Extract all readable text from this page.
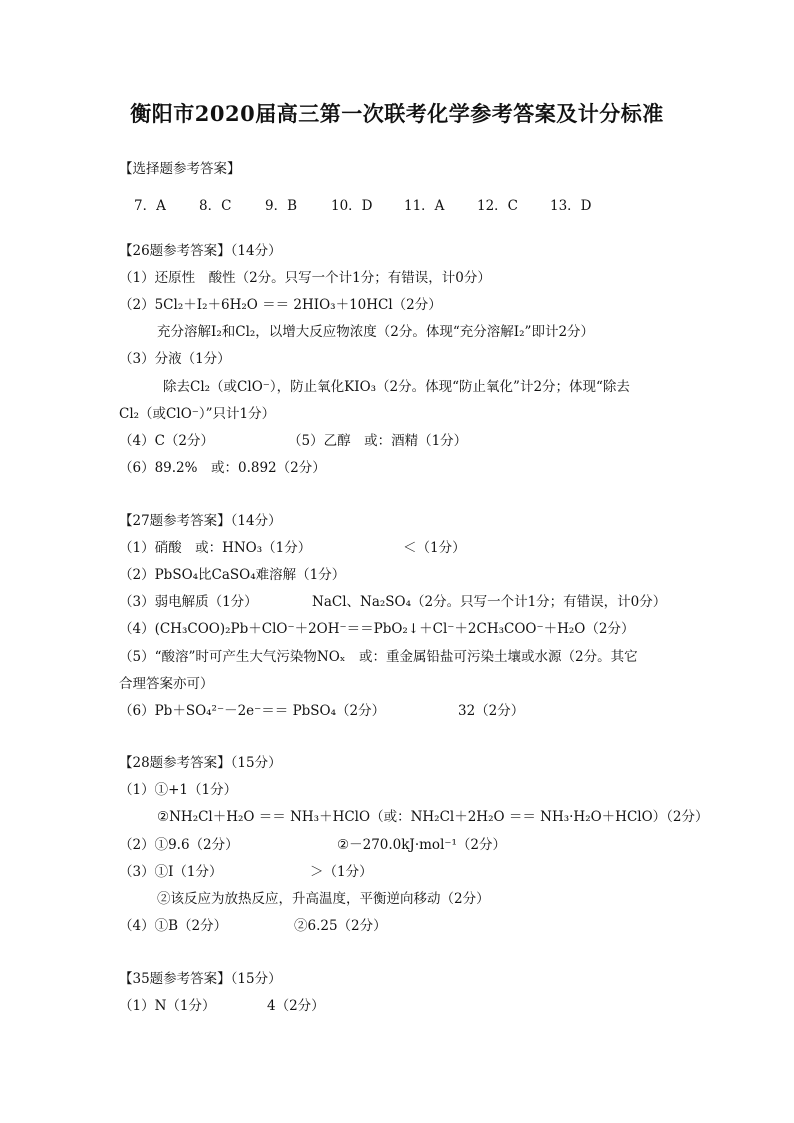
衡阳市2020届高三第一次联考化学参考答案及计分标准
【选择题参考答案】
7．A 8．C 9．B	10．D 11．A 12．C 13．D
【26题参考答案】（14分）
（1）还原性　酸性（2分。只写一个计1分；有错误，计0分）
（2）5Cl₂＋I₂＋6H₂O ＝＝ 2HIO₃＋10HCl（2分）
充分溶解I₂和Cl₂，以增大反应物浓度（2分。体现“充分溶解I₂”即计2分）
（3）分液（1分）
除去Cl₂（或ClO⁻），防止氧化KIO₃（2分。体现“防止氧化”计2分；体现“除去
Cl₂（或ClO⁻）”只计1分）
（4）C（2分）	（5）乙醇　或：酒精（1分）
（6）89.2%　或：0.892（2分）
【27题参考答案】（14分）
（1）硝酸　或：HNO₃（1分）	＜（1分）
（2）PbSO₄比CaSO₄难溶解（1分）
（3）弱电解质（1分）	NaCl、Na₂SO₄（2分。只写一个计1分；有错误，计0分）
（4）(CH₃COO)₂Pb＋ClO⁻＋2OH⁻＝＝PbO₂↓＋Cl⁻＋2CH₃COO⁻＋H₂O（2分）
（5）“酸溶”时可产生大气污染物NOₓ　或：重金属铅盐可污染土壤或水源（2分。其它
合理答案亦可）
（6）Pb＋SO₄²⁻－2e⁻＝＝ PbSO₄（2分）	32（2分）
【28题参考答案】（15分）
（1）①+1（1分）
②NH₂Cl＋H₂O ＝＝ NH₃＋HClO（或：NH₂Cl＋2H₂O ＝＝ NH₃·H₂O＋HClO）（2分）
（2）①9.6（2分）	②－270.0kJ·mol⁻¹（2分）
（3）①Ⅰ（1分）	＞（1分）
②该反应为放热反应，升高温度，平衡逆向移动（2分）
（4）①B（2分）	②6.25（2分）
【35题参考答案】（15分）
（1）N（1分）	4（2分）
